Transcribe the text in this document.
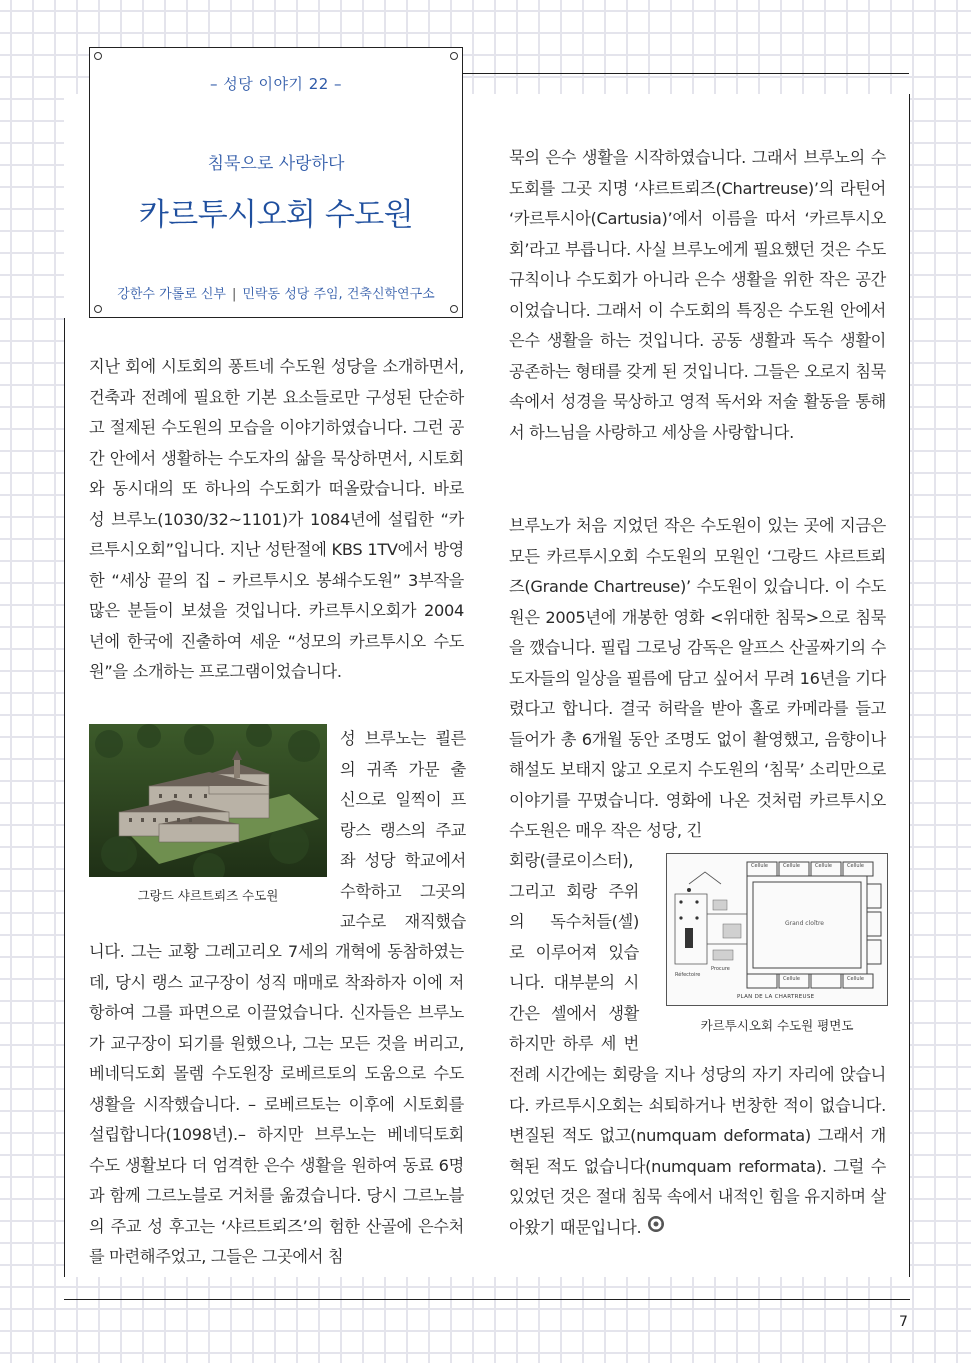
– 성당 이야기 22 –
침묵으로 사랑하다
카르투시오회 수도원
강한수 가롤로 신부 | 민락동 성당 주임, 건축신학연구소
지난 회에 시토회의 퐁트네 수도원 성당을 소개하면서, 건축과 전례에 필요한 기본 요소들로만 구성된 단순하고 절제된 수도원의 모습을 이야기하였습니다. 그런 공간 안에서 생활하는 수도자의 삶을 묵상하면서, 시토회와 동시대의 또 하나의 수도회가 떠올랐습니다. 바로 성 브루노(1030/32~1101)가 1084년에 설립한 “카르투시오회”입니다. 지난 성탄절에 KBS 1TV에서 방영한 “세상 끝의 집 – 카르투시오 봉쇄수도원” 3부작을 많은 분들이 보셨을 것입니다. 카르투시오회가 2004년에 한국에 진출하여 세운 “성모의 카르투시오 수도원”을 소개하는 프로그램이었습니다.
그랑드 샤르트뢰즈 수도원
성 브루노는 쾰른
의 귀족 가문 출
신으로 일찍이 프
랑스 랭스의 주교
좌 성당 학교에서
수학하고 그곳의
교수로 재직했습
니다. 그는 교황 그레고리오 7세의 개혁에 동참하였는데, 당시 랭스 교구장이 성직 매매로 착좌하자 이에 저항하여 그를 파면으로 이끌었습니다. 신자들은 브루노가 교구장이 되기를 원했으나, 그는 모든 것을 버리고, 베네딕도회 몰렘 수도원장 로베르토의 도움으로 수도 생활을 시작했습니다. – 로베르토는 이후에 시토회를 설립합니다(1098년).– 하지만 브루노는 베네딕토회 수도 생활보다 더 엄격한 은수 생활을 원하여 동료 6명과 함께 그르노블로 거처를 옮겼습니다. 당시 그르노블의 주교 성 후고는 ‘샤르트뢰즈’의 험한 산골에 은수처를 마련해주었고, 그들은 그곳에서 침
묵의 은수 생활을 시작하였습니다. 그래서 브루노의 수도회를 그곳 지명 ‘샤르트뢰즈(Chartreuse)’의 라틴어 ‘카르투시아(Cartusia)’에서 이름을 따서 ‘카르투시오회’라고 부릅니다. 사실 브루노에게 필요했던 것은 수도규칙이나 수도회가 아니라 은수 생활을 위한 작은 공간이었습니다. 그래서 이 수도회의 특징은 수도원 안에서 은수 생활을 하는 것입니다. 공동 생활과 독수 생활이 공존하는 형태를 갖게 된 것입니다. 그들은 오로지 침묵 속에서 성경을 묵상하고 영적 독서와 저술 활동을 통해서 하느님을 사랑하고 세상을 사랑합니다.
브루노가 처음 지었던 작은 수도원이 있는 곳에 지금은 모든 카르투시오회 수도원의 모원인 ‘그랑드 샤르트뢰즈(Grande Chartreuse)’ 수도원이 있습니다. 이 수도원은 2005년에 개봉한 영화 <위대한 침묵>으로 침묵을 깼습니다. 필립 그로닝 감독은 알프스 산골짜기의 수도자들의 일상을 필름에 담고 싶어서 무려 16년을 기다렸다고 합니다. 결국 허락을 받아 홀로 카메라를 들고 들어가 총 6개월 동안 조명도 없이 촬영했고, 음향이나 해설도 보태지 않고 오로지 수도원의 ‘침묵’ 소리만으로 이야기를 꾸몄습니다. 영화에 나온 것처럼 카르투시오 수도원은 매우 작은 성당, 긴
회랑(클로이스터),
그리고 회랑 주위
의 독수처들(셀)
로 이루어져 있습
니다. 대부분의 시
간은 셀에서 생활
하지만 하루 세 번
Cellule	Cellule	Cellule	Cellule
Grand cloître
Cellule	Cellule
Procure
Réfectoire
PLAN DE LA CHARTREUSE
카르투시오회 수도원 평면도
전례 시간에는 회랑을 지나 성당의 자기 자리에 앉습니다. 카르투시오회는 쇠퇴하거나 번창한 적이 없습니다. 변질된 적도 없고(numquam deformata) 그래서 개혁된 적도 없습니다(numquam reformata). 그럴 수 있었던 것은 절대 침묵 속에서 내적인 힘을 유지하며 살아왔기 때문입니다.
7
